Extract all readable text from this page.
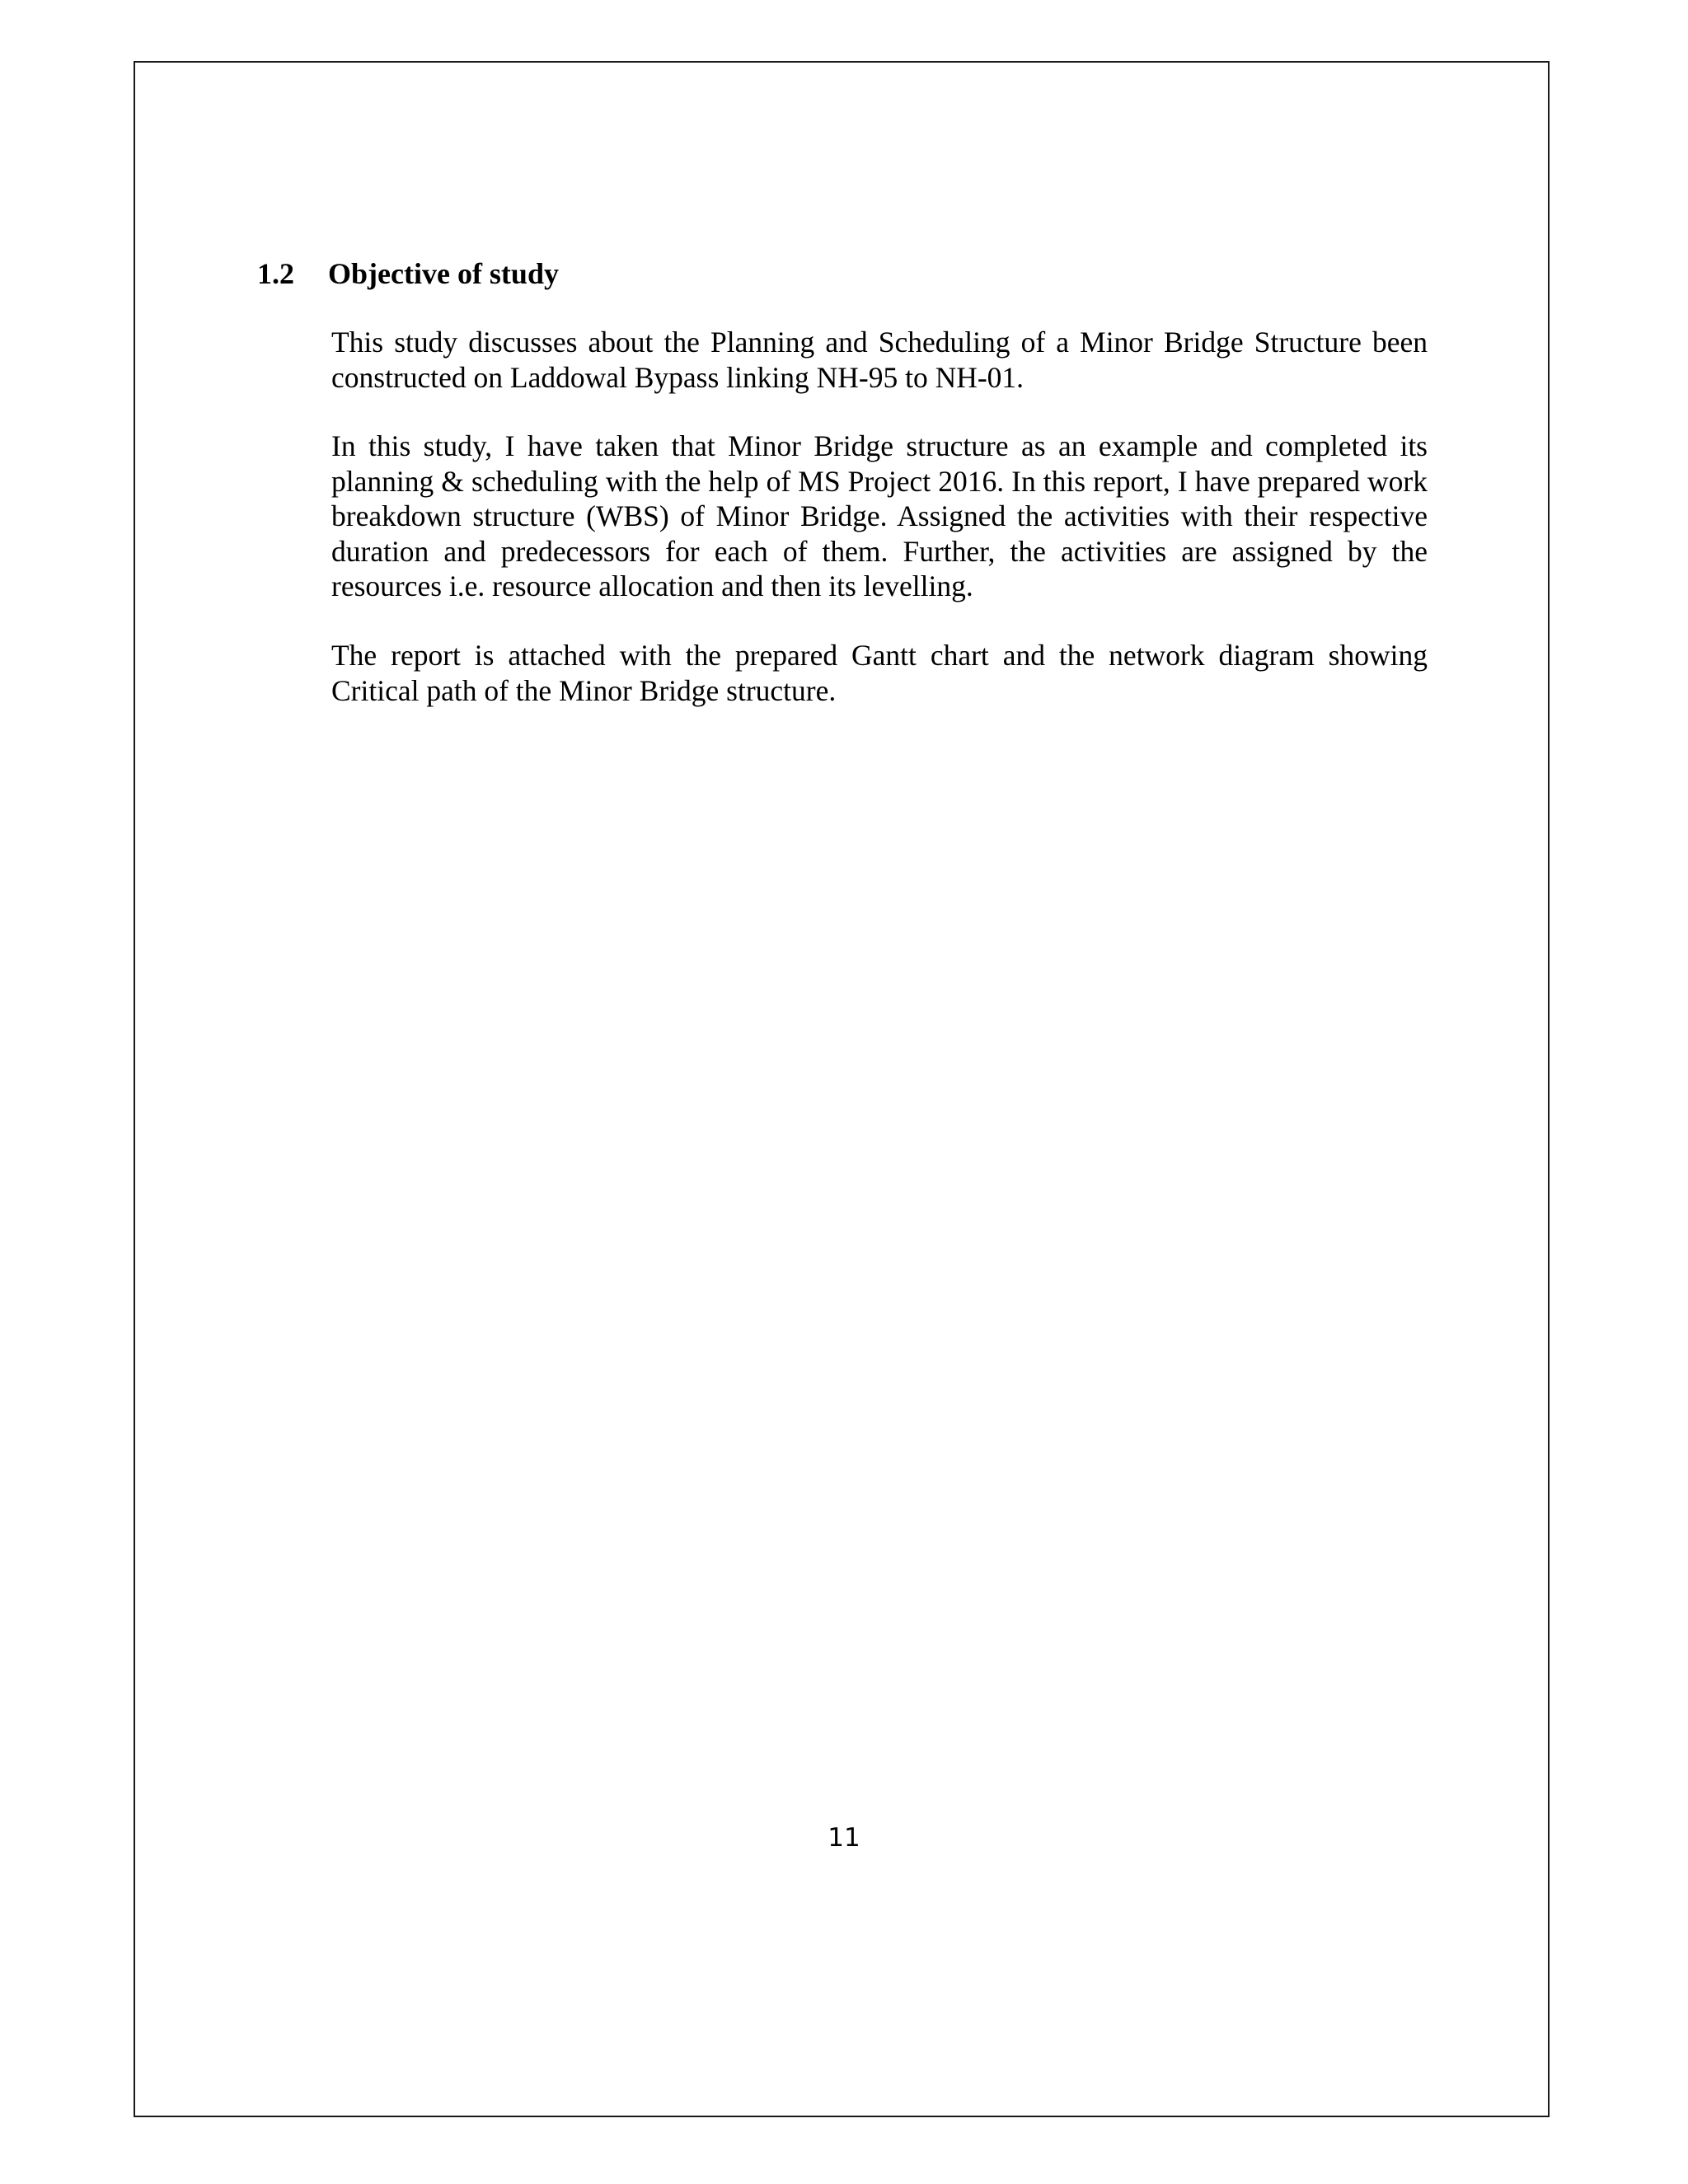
1.2 Objective of study

This study discusses about the Planning and Scheduling of a Minor Bridge Structure been constructed on Laddowal Bypass linking NH-95 to NH-01.

In this study, I have taken that Minor Bridge structure as an example and completed its planning & scheduling with the help of MS Project 2016. In this report, I have prepared work breakdown structure (WBS) of Minor Bridge. Assigned the activities with their respective duration and predecessors for each of them. Further, the activities are assigned by the resources i.e. resource allocation and then its levelling.

The report is attached with the prepared Gantt chart and the network diagram showing Critical path of the Minor Bridge structure.

11
